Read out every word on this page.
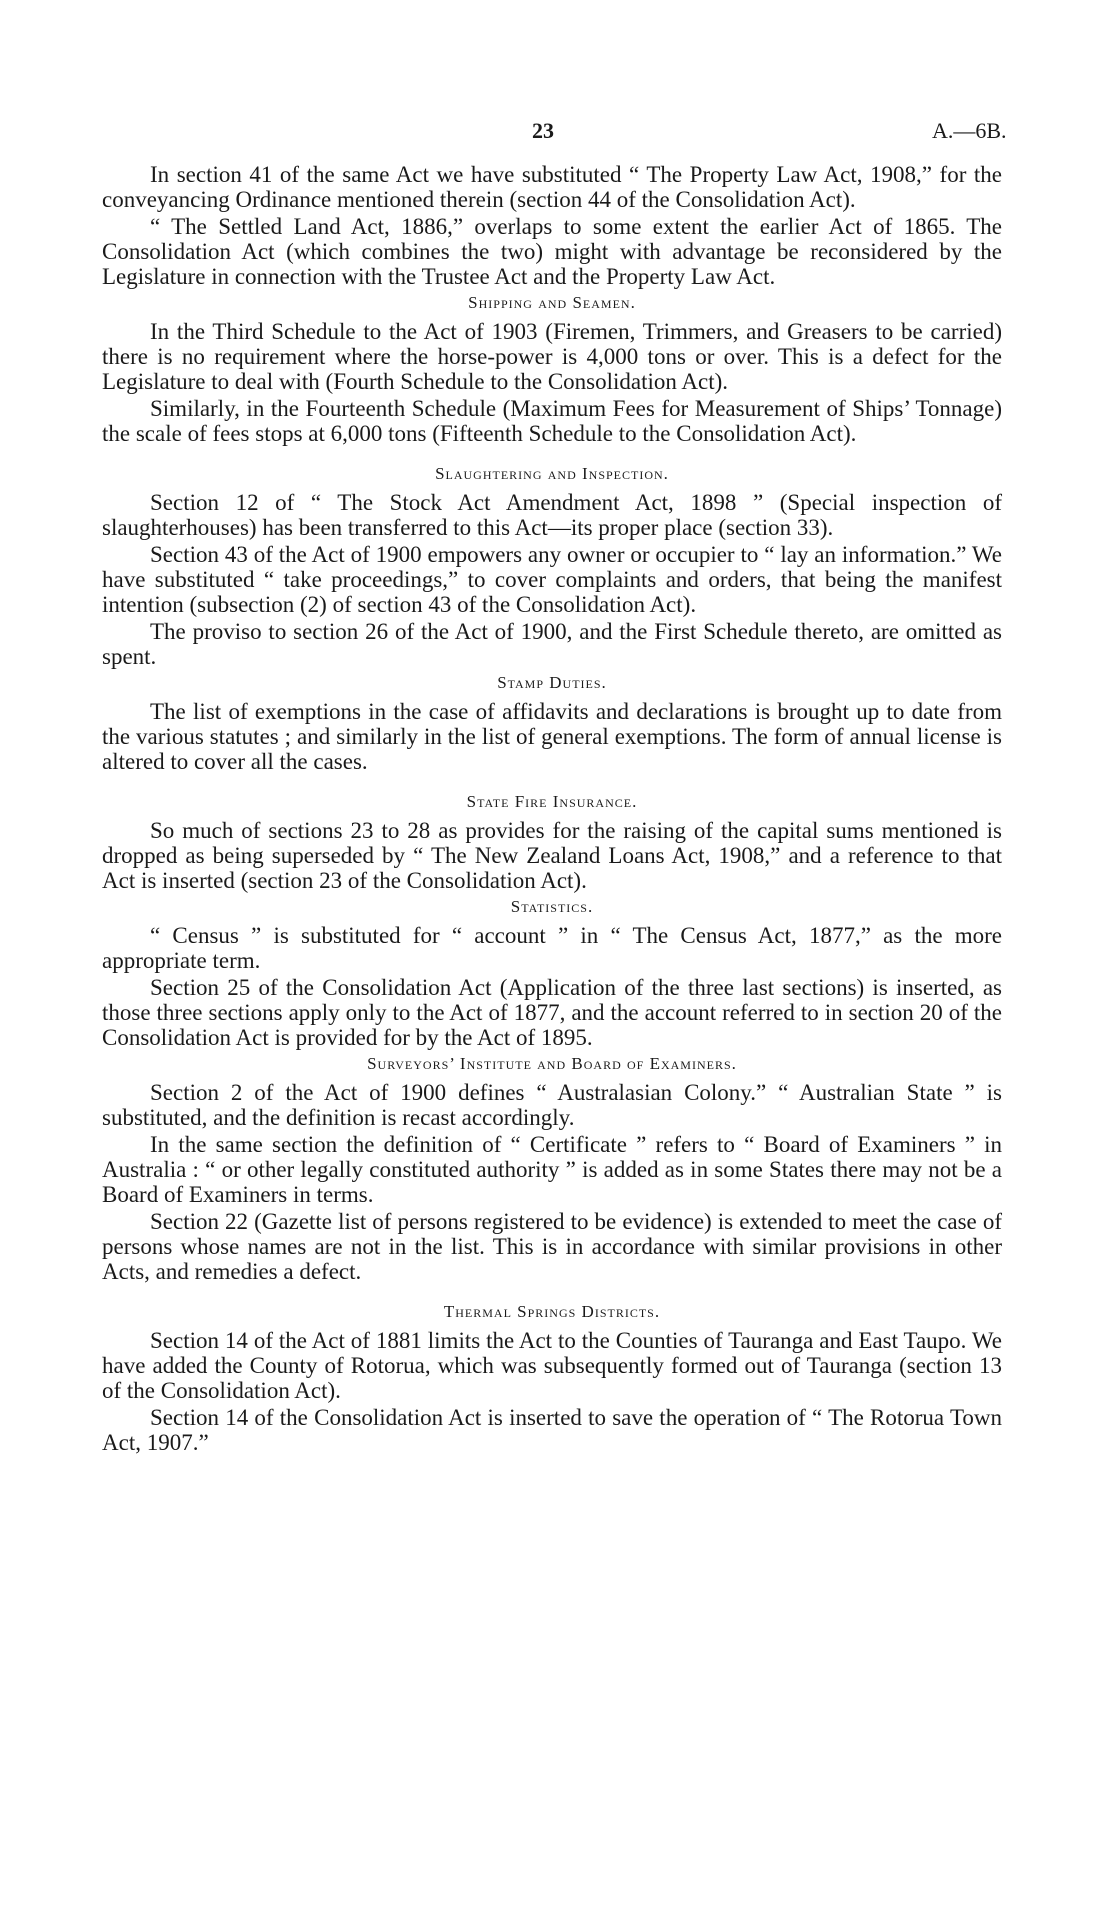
23	A.—6B.

In section 41 of the same Act we have substituted “ The Property Law Act, 1908,” for the conveyancing Ordinance mentioned therein (section 44 of the Consolidation Act).

“ The Settled Land Act, 1886,” overlaps to some extent the earlier Act of 1865. The Consolidation Act (which combines the two) might with advantage be reconsidered by the Legislature in connection with the Trustee Act and the Property Law Act.

Shipping and Seamen.

In the Third Schedule to the Act of 1903 (Firemen, Trimmers, and Greasers to be carried) there is no requirement where the horse-power is 4,000 tons or over. This is a defect for the Legislature to deal with (Fourth Schedule to the Consolidation Act).

Similarly, in the Fourteenth Schedule (Maximum Fees for Measurement of Ships’ Tonnage) the scale of fees stops at 6,000 tons (Fifteenth Schedule to the Consolidation Act).

Slaughtering and Inspection.

Section 12 of “ The Stock Act Amendment Act, 1898 ” (Special inspection of slaughterhouses) has been transferred to this Act—its proper place (section 33).

Section 43 of the Act of 1900 empowers any owner or occupier to “ lay an information.” We have substituted “ take proceedings,” to cover complaints and orders, that being the manifest intention (subsection (2) of section 43 of the Consolidation Act).

The proviso to section 26 of the Act of 1900, and the First Schedule thereto, are omitted as spent.

Stamp Duties.

The list of exemptions in the case of affidavits and declarations is brought up to date from the various statutes ; and similarly in the list of general exemptions. The form of annual license is altered to cover all the cases.

State Fire Insurance.

So much of sections 23 to 28 as provides for the raising of the capital sums mentioned is dropped as being superseded by “ The New Zealand Loans Act, 1908,” and a reference to that Act is inserted (section 23 of the Consolidation Act).

Statistics.

“ Census ” is substituted for “ account ” in “ The Census Act, 1877,” as the more appropriate term.

Section 25 of the Consolidation Act (Application of the three last sections) is inserted, as those three sections apply only to the Act of 1877, and the account referred to in section 20 of the Consolidation Act is provided for by the Act of 1895.

Surveyors’ Institute and Board of Examiners.

Section 2 of the Act of 1900 defines “ Australasian Colony.” “ Australian State ” is substituted, and the definition is recast accordingly.

In the same section the definition of “ Certificate ” refers to “ Board of Examiners ” in Australia : “ or other legally constituted authority ” is added as in some States there may not be a Board of Examiners in terms.

Section 22 (Gazette list of persons registered to be evidence) is extended to meet the case of persons whose names are not in the list. This is in accordance with similar provisions in other Acts, and remedies a defect.

Thermal Springs Districts.

Section 14 of the Act of 1881 limits the Act to the Counties of Tauranga and East Taupo. We have added the County of Rotorua, which was subsequently formed out of Tauranga (section 13 of the Consolidation Act).

Section 14 of the Consolidation Act is inserted to save the operation of “ The Rotorua Town Act, 1907.”
